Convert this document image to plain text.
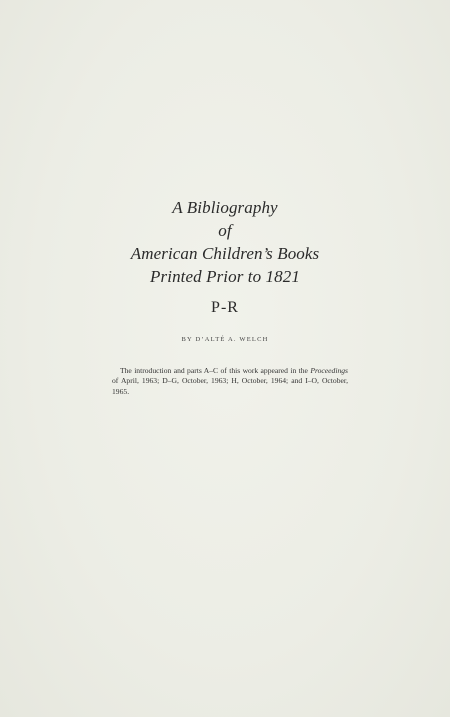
A Bibliography
of
American Children’s Books
Printed Prior to 1821
P-R
BY D’ALTÉ A. WELCH

The introduction and parts A–C of this work appeared in the Proceedings of April, 1963; D–G, October, 1963; H, October, 1964; and I–O, October, 1965.
